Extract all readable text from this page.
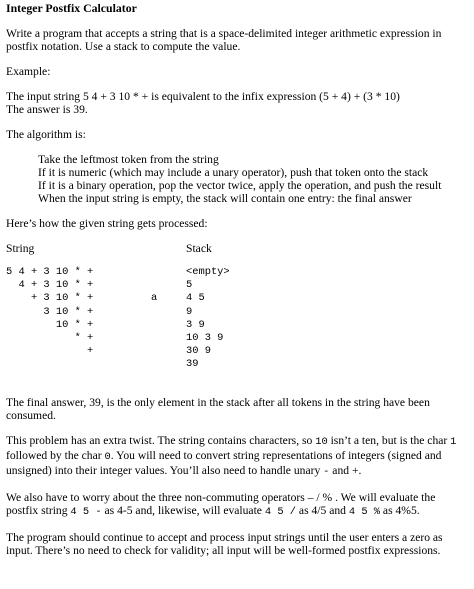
Integer Postfix Calculator

Write a program that accepts a string that is a space-delimited integer arithmetic expression in postfix notation. Use a stack to compute the value.

Example:

The input string 5 4 + 3 10 * + is equivalent to the infix expression (5 + 4) + (3 * 10)

The answer is 39.

The algorithm is:

Take the leftmost token from the string
If it is numeric (which may include a unary operator), push that token onto the stack
If it is a binary operation, pop the vector twice, apply the operation, and push the result
When the input string is empty, the stack will contain one entry: the final answer

Here’s how the given string gets processed:

String	Stack
5 4 + 3 10 * +
4 + 3 10 * +
+ 3 10 * +
3 10 * +
10 * +
* +
+
a
<empty>
5
4 5
9
3 9
10 3 9
30 9
39

The final answer, 39, is the only element in the stack after all tokens in the string have been consumed.

This problem has an extra twist. The string contains characters, so 10 isn’t a ten, but is the char 1 followed by the char 0. You will need to convert string representations of integers (signed and unsigned) into their integer values. You’ll also need to handle unary - and +.

We also have to worry about the three non-commuting operators – / % . We will evaluate the postfix string 4 5 - as 4-5 and, likewise, will evaluate 4 5 / as 4/5 and 4 5 % as 4%5.

The program should continue to accept and process input strings until the user enters a zero as input. There’s no need to check for validity; all input will be well-formed postfix expressions.
